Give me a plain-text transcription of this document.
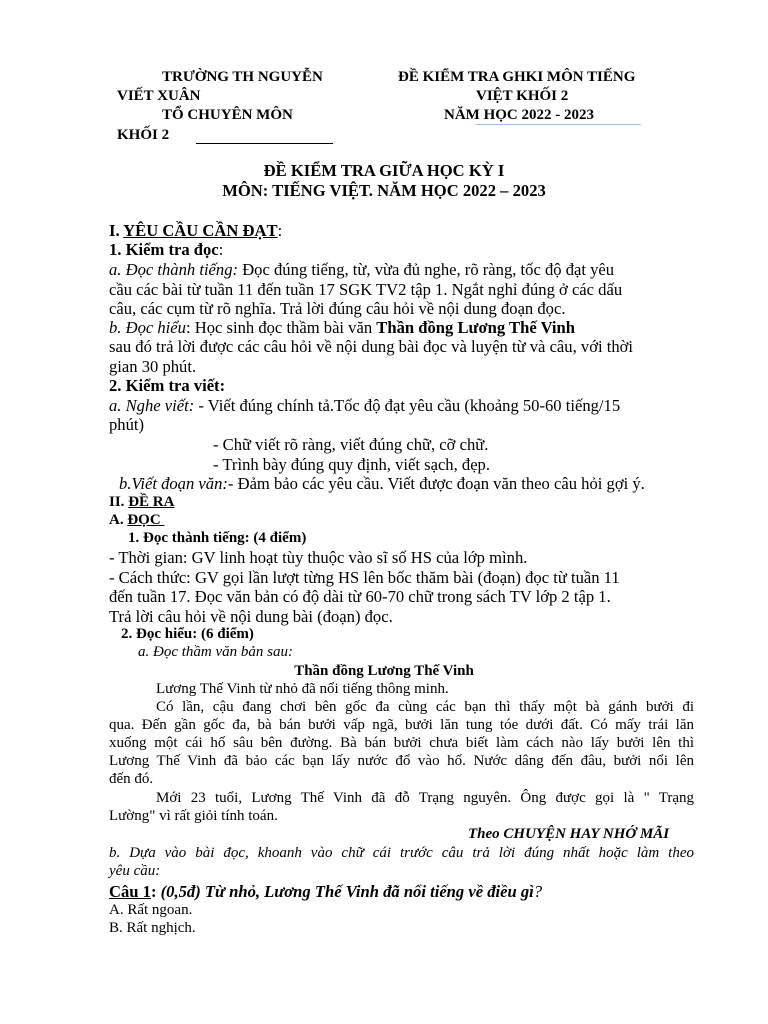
TRƯỜNG TH NGUYỄN
VIẾT XUÂN
TỔ CHUYÊN MÔN
KHỐI 2
ĐỀ KIỂM TRA GHKI MÔN TIẾNG
VIỆT KHỐI 2
NĂM HỌC 2022 - 2023
ĐỀ KIỂM TRA GIỮA HỌC KỲ I
MÔN: TIẾNG VIỆT. NĂM HỌC 2022 – 2023
I. YÊU CẦU CẦN ĐẠT:
1. Kiểm tra đọc:
a. Đọc thành tiếng: Đọc đúng tiếng, từ, vừa đủ nghe, rõ ràng, tốc độ đạt yêu
cầu các bài từ tuần 11 đến tuần 17 SGK TV2 tập 1. Ngắt nghỉ đúng ở các dấu
câu, các cụm từ rõ nghĩa. Trả lời đúng câu hỏi về nội dung đoạn đọc.
b. Đọc hiểu: Học sinh đọc thầm bài văn Thần đồng Lương Thế Vinh
sau đó trả lời được các câu hỏi về nội dung bài đọc và luyện từ và câu, với thời
gian 30 phút.
2. Kiểm tra viết:
a. Nghe viết: - Viết đúng chính tả.Tốc độ đạt yêu cầu (khoảng 50-60 tiếng/15
phút)
- Chữ viết rõ ràng, viết đúng chữ, cỡ chữ.
- Trình bày đúng quy định, viết sạch, đẹp.
b.Viết đoạn văn:- Đảm bảo các yêu cầu. Viết được đoạn văn theo câu hỏi gợi ý.
II. ĐỀ RA
A. ĐỌC
1. Đọc thành tiếng: (4 điểm)
- Thời gian: GV linh hoạt tùy thuộc vào sĩ số HS của lớp mình.
- Cách thức: GV gọi lần lượt từng HS lên bốc thăm bài (đoạn) đọc từ tuần 11
đến tuần 17. Đọc văn bản có độ dài từ 60-70 chữ trong sách TV lớp 2 tập 1.
Trả lời câu hỏi về nội dung bài (đoạn) đọc.
2. Đọc hiểu: (6 điểm)
a. Đọc thầm văn bản sau:
Thần đồng Lương Thế Vinh
Lương Thế Vinh từ nhỏ đã nổi tiếng thông minh.
Có lần, cậu đang chơi bên gốc đa cùng các bạn thì thấy một bà gánh bưởi đi
qua. Đến gần gốc đa, bà bán bưởi vấp ngã, bưởi lăn tung tóe dưới đất. Có mấy trái lăn
xuống một cái hố sâu bên đường. Bà bán bưởi chưa biết làm cách nào lấy bưởi lên thì
Lương Thế Vinh đã bảo các bạn lấy nước đổ vào hố. Nước dâng đến đâu, bưởi nổi lên
đến đó.
Mới 23 tuổi, Lương Thế Vinh đã đỗ Trạng nguyên. Ông được gọi là " Trạng
Lường" vì rất giỏi tính toán.
Theo CHUYỆN HAY NHỚ MÃI
b. Dựa vào bài đọc, khoanh vào chữ cái trước câu trả lời đúng nhất hoặc làm theo
yêu cầu:
Câu 1: (0,5đ) Từ nhỏ, Lương Thế Vinh đã nổi tiếng về điều gì?
A. Rất ngoan.
B. Rất nghịch.
